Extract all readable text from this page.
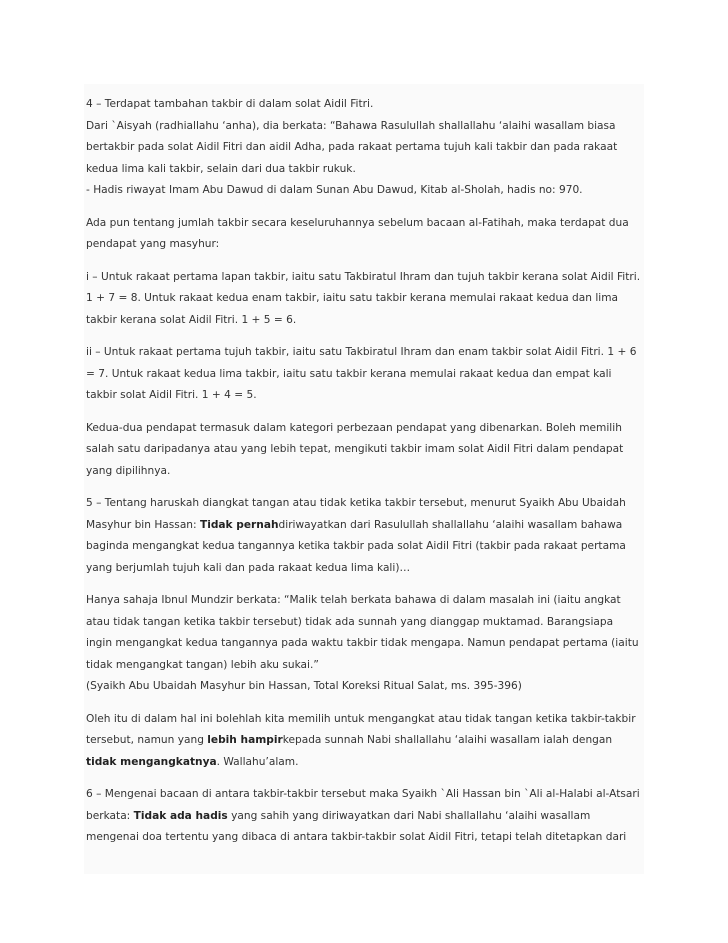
4 – Terdapat tambahan takbir di dalam solat Aidil Fitri.
Dari `Aisyah (radhiallahu ‘anha), dia berkata: “Bahawa Rasulullah shallallahu ‘alaihi wasallam biasa bertakbir pada solat Aidil Fitri dan aidil Adha, pada rakaat pertama tujuh kali takbir dan pada rakaat kedua lima kali takbir, selain dari dua takbir rukuk.
- Hadis riwayat Imam Abu Dawud di dalam Sunan Abu Dawud, Kitab al-Sholah, hadis no: 970.

Ada pun tentang jumlah takbir secara keseluruhannya sebelum bacaan al-Fatihah, maka terdapat dua pendapat yang masyhur:

i – Untuk rakaat pertama lapan takbir, iaitu satu Takbiratul Ihram dan tujuh takbir kerana solat Aidil Fitri. 1 + 7 = 8. Untuk rakaat kedua enam takbir, iaitu satu takbir kerana memulai rakaat kedua dan lima takbir kerana solat Aidil Fitri. 1 + 5 = 6.

ii – Untuk rakaat pertama tujuh takbir, iaitu satu Takbiratul Ihram dan enam takbir solat Aidil Fitri. 1 + 6 = 7. Untuk rakaat kedua lima takbir, iaitu satu takbir kerana memulai rakaat kedua dan empat kali takbir solat Aidil Fitri. 1 + 4 = 5.

Kedua-dua pendapat termasuk dalam kategori perbezaan pendapat yang dibenarkan. Boleh memilih salah satu daripadanya atau yang lebih tepat, mengikuti takbir imam solat Aidil Fitri dalam pendapat yang dipilihnya.

5 – Tentang haruskah diangkat tangan atau tidak ketika takbir tersebut, menurut Syaikh Abu Ubaidah Masyhur bin Hassan: Tidak pernahdiriwayatkan dari Rasulullah shallallahu ‘alaihi wasallam bahawa baginda mengangkat kedua tangannya ketika takbir pada solat Aidil Fitri (takbir pada rakaat pertama yang berjumlah tujuh kali dan pada rakaat kedua lima kali)…

Hanya sahaja Ibnul Mundzir berkata: “Malik telah berkata bahawa di dalam masalah ini (iaitu angkat atau tidak tangan ketika takbir tersebut) tidak ada sunnah yang dianggap muktamad. Barangsiapa ingin mengangkat kedua tangannya pada waktu takbir tidak mengapa. Namun pendapat pertama (iaitu tidak mengangkat tangan) lebih aku sukai.”
(Syaikh Abu Ubaidah Masyhur bin Hassan, Total Koreksi Ritual Salat, ms. 395-396)

Oleh itu di dalam hal ini bolehlah kita memilih untuk mengangkat atau tidak tangan ketika takbir-takbir tersebut, namun yang lebih hampirkepada sunnah Nabi shallallahu ‘alaihi wasallam ialah dengan tidak mengangkatnya. Wallahu’alam.

6 – Mengenai bacaan di antara takbir-takbir tersebut maka Syaikh `Ali Hassan bin `Ali al-Halabi al-Atsari berkata: Tidak ada hadis yang sahih yang diriwayatkan dari Nabi shallallahu ‘alaihi wasallam mengenai doa tertentu yang dibaca di antara takbir-takbir solat Aidil Fitri, tetapi telah ditetapkan dari
